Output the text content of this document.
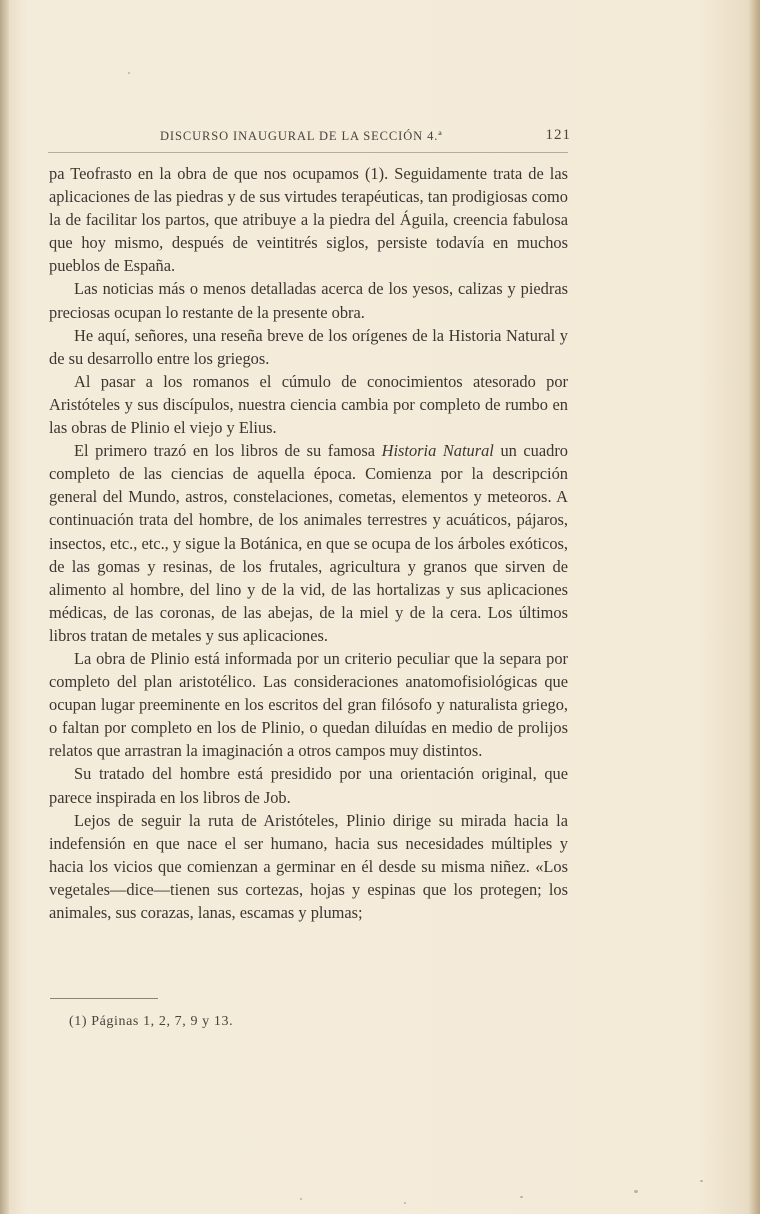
DISCURSO INAUGURAL DE LA SECCIÓN 4.ª	121

pa Teofrasto en la obra de que nos ocupamos (1). Seguidamente trata de las aplicaciones de las piedras y de sus virtudes terapéuticas, tan prodigiosas como la de facilitar los partos, que atribuye a la piedra del Águila, creencia fabulosa que hoy mismo, después de veintitrés siglos, persiste todavía en muchos pueblos de España.

Las noticias más o menos detalladas acerca de los yesos, calizas y piedras preciosas ocupan lo restante de la presente obra.

He aquí, señores, una reseña breve de los orígenes de la Historia Natural y de su desarrollo entre los griegos.

Al pasar a los romanos el cúmulo de conocimientos atesorado por Aristóteles y sus discípulos, nuestra ciencia cambia por completo de rumbo en las obras de Plinio el viejo y Elius.

El primero trazó en los libros de su famosa Historia Natural un cuadro completo de las ciencias de aquella época. Comienza por la descripción general del Mundo, astros, constelaciones, cometas, elementos y meteoros. A continuación trata del hombre, de los animales terrestres y acuáticos, pájaros, insectos, etc., etc., y sigue la Botánica, en que se ocupa de los árboles exóticos, de las gomas y resinas, de los frutales, agricultura y granos que sirven de alimento al hombre, del lino y de la vid, de las hortalizas y sus aplicaciones médicas, de las coronas, de las abejas, de la miel y de la cera. Los últimos libros tratan de metales y sus aplicaciones.

La obra de Plinio está informada por un criterio peculiar que la separa por completo del plan aristotélico. Las consideraciones anatomofisiológicas que ocupan lugar preeminente en los escritos del gran filósofo y naturalista griego, o faltan por completo en los de Plinio, o quedan diluídas en medio de prolijos relatos que arrastran la imaginación a otros campos muy distintos.

Su tratado del hombre está presidido por una orientación original, que parece inspirada en los libros de Job.

Lejos de seguir la ruta de Aristóteles, Plinio dirige su mirada hacia la indefensión en que nace el ser humano, hacia sus necesidades múltiples y hacia los vicios que comienzan a germinar en él desde su misma niñez. «Los vegetales—dice—tienen sus cortezas, hojas y espinas que los protegen; los animales, sus corazas, lanas, escamas y plumas;

(1) Páginas 1, 2, 7, 9 y 13.
